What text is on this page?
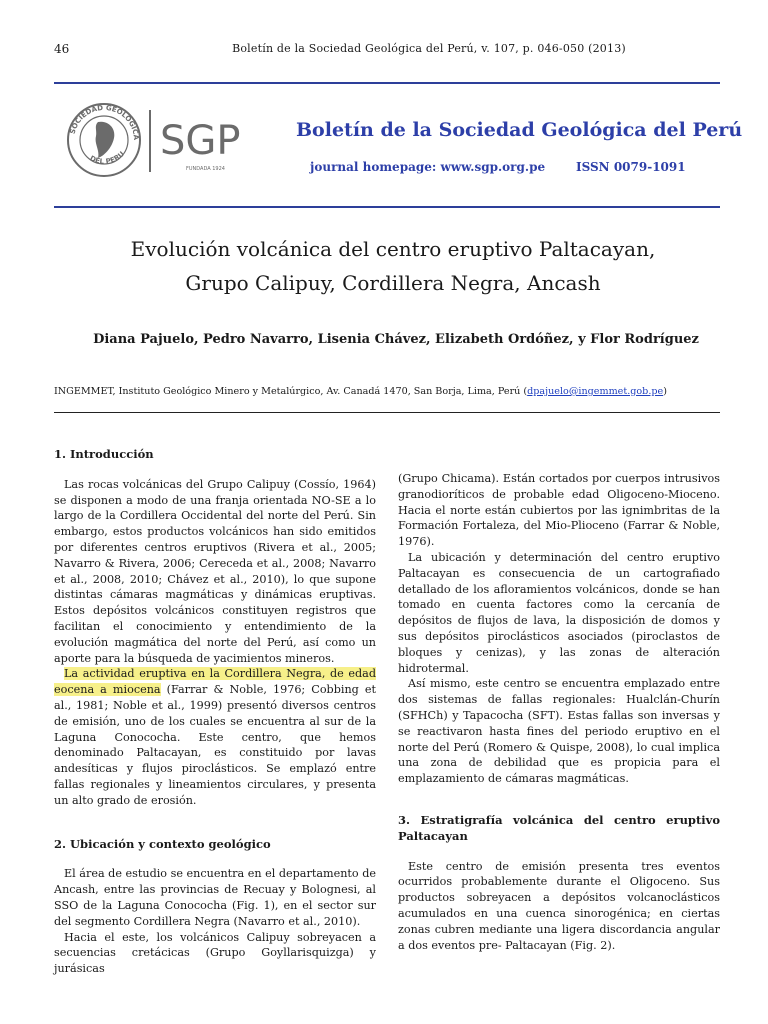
46	Boletín de la Sociedad Geológica del Perú, v. 107, p. 046-050 (2013)
SOCIEDAD GEOLOGICA
DEL PERU SGP
FUNDADA 1924
Boletín de la Sociedad Geológica del Perú
journal homepage: www.sgp.org.pe	ISSN 0079-1091
Evolución volcánica del centro eruptivo Paltacayan,
Grupo Calipuy, Cordillera Negra, Ancash
Diana Pajuelo, Pedro Navarro, Lisenia Chávez, Elizabeth Ordóñez, y Flor Rodríguez
INGEMMET, Instituto Geológico Minero y Metalúrgico, Av. Canadá 1470, San Borja, Lima, Perú (dpajuelo@ingemmet.gob.pe)
1. Introducción

Las rocas volcánicas del Grupo Calipuy (Cossío, 1964) se disponen a modo de una franja orientada NO-SE a lo largo de la Cordillera Occidental del norte del Perú. Sin embargo, estos productos volcánicos han sido emitidos por diferentes centros eruptivos (Rivera et al., 2005; Navarro & Rivera, 2006; Cereceda et al., 2008; Navarro et al., 2008, 2010; Chávez et al., 2010), lo que supone distintas cámaras magmáticas y dinámicas eruptivas. Estos depósitos volcánicos constituyen registros que facilitan el conocimiento y entendimiento de la evolución magmática del norte del Perú, así como un aporte para la búsqueda de yacimientos mineros.

La actividad eruptiva en la Cordillera Negra, de edad eocena a miocena (Farrar & Noble, 1976; Cobbing et al., 1981; Noble et al., 1999) presentó diversos centros de emisión, uno de los cuales se encuentra al sur de la Laguna Conococha. Este centro, que hemos denominado Paltacayan, es constituido por lavas andesíticas y flujos piroclásticos. Se emplazó entre fallas regionales y lineamientos circulares, y presenta un alto grado de erosión.

2. Ubicación y contexto geológico

El área de estudio se encuentra en el departamento de Ancash, entre las provincias de Recuay y Bolognesi, al SSO de la Laguna Conococha (Fig. 1), en el sector sur del segmento Cordillera Negra (Navarro et al., 2010).

Hacia el este, los volcánicos Calipuy sobreyacen a secuencias cretácicas (Grupo Goyllarisquizga) y jurásicas

(Grupo Chicama). Están cortados por cuerpos intrusivos granodioríticos de probable edad Oligoceno-Mioceno. Hacia el norte están cubiertos por las ignimbritas de la Formación Fortaleza, del Mio-Plioceno (Farrar & Noble, 1976).

La ubicación y determinación del centro eruptivo Paltacayan es consecuencia de un cartografiado detallado de los afloramientos volcánicos, donde se han tomado en cuenta factores como la cercanía de depósitos de flujos de lava, la disposición de domos y sus depósitos piroclásticos asociados (piroclastos de bloques y cenizas), y las zonas de alteración hidrotermal.

Así mismo, este centro se encuentra emplazado entre dos sistemas de fallas regionales: Hualclán-Churín (SFHCh) y Tapacocha (SFT). Estas fallas son inversas y se reactivaron hasta fines del periodo eruptivo en el norte del Perú (Romero & Quispe, 2008), lo cual implica una zona de debilidad que es propicia para el emplazamiento de cámaras magmáticas.

3. Estratigrafía volcánica del centro eruptivo Paltacayan

Este centro de emisión presenta tres eventos ocurridos probablemente durante el Oligoceno. Sus productos sobreyacen a depósitos volcanoclásticos acumulados en una cuenca sinorogénica; en ciertas zonas cubren mediante una ligera discordancia angular a dos eventos pre- Paltacayan (Fig. 2).
